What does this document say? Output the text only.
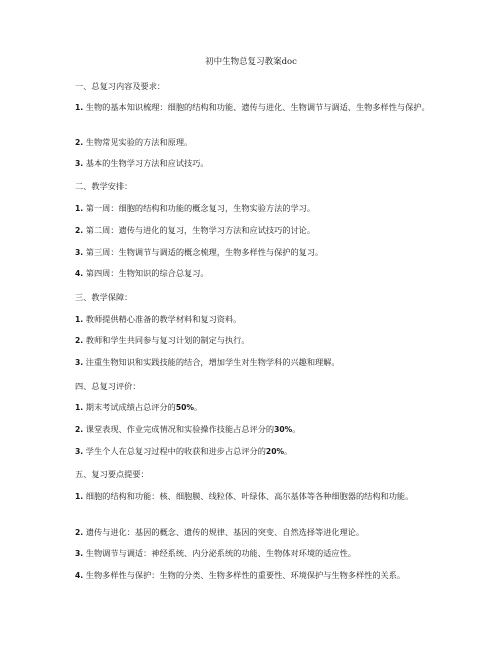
初中生物总复习教案doc
一、总复习内容及要求：
1. 生物的基本知识梳理：细胞的结构和功能、遗传与进化、生物调节与调适、生物多样性与保护。
2. 生物常见实验的方法和原理。
3. 基本的生物学习方法和应试技巧。
二、教学安排：
1. 第一周：细胞的结构和功能的概念复习，生物实验方法的学习。
2. 第二周：遗传与进化的复习，生物学习方法和应试技巧的讨论。
3. 第三周：生物调节与调适的概念梳理，生物多样性与保护的复习。
4. 第四周：生物知识的综合总复习。
三、教学保障：
1. 教师提供精心准备的教学材料和复习资料。
2. 教师和学生共同参与复习计划的制定与执行。
3. 注重生物知识和实践技能的结合，增加学生对生物学科的兴趣和理解。
四、总复习评价：
1. 期末考试成绩占总评分的50%。
2. 课堂表现、作业完成情况和实验操作技能占总评分的30%。
3. 学生个人在总复习过程中的收获和进步占总评分的20%。
五、复习要点提要：
1. 细胞的结构和功能：核、细胞膜、线粒体、叶绿体、高尔基体等各种细胞器的结构和功能。
2. 遗传与进化：基因的概念、遗传的规律、基因的突变、自然选择等进化理论。
3. 生物调节与调适：神经系统、内分泌系统的功能、生物体对环境的适应性。
4. 生物多样性与保护：生物的分类、生物多样性的重要性、环境保护与生物多样性的关系。
